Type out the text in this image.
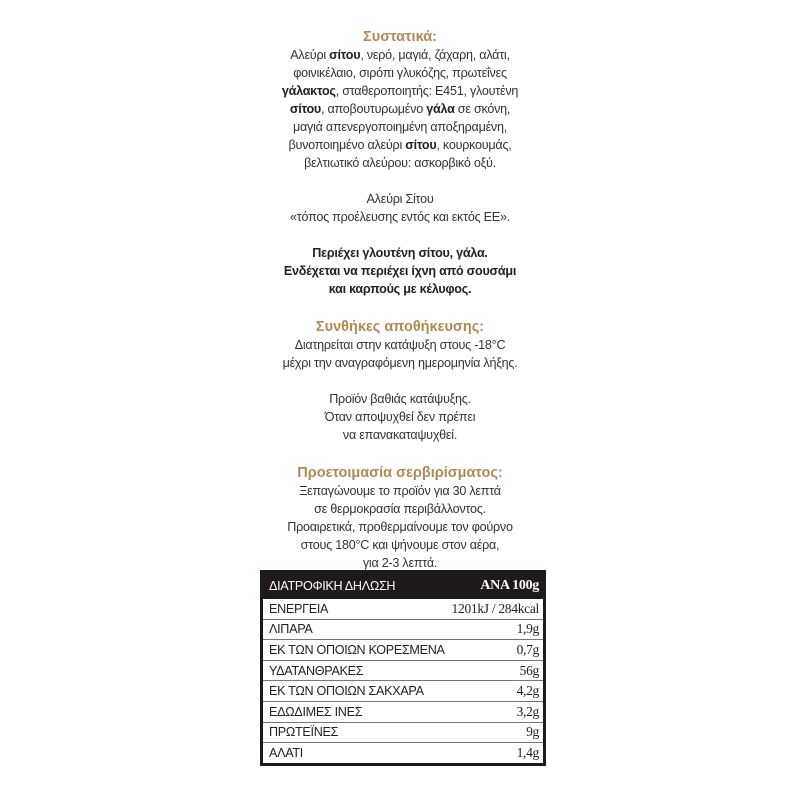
Συστατικά:

Αλεύρι σίτου, νερό, μαγιά, ζάχαρη, αλάτι,

φοινικέλαιο, σιρόπι γλυκόζης, πρωτεΐνες

γάλακτος, σταθεροποιητής: Ε451, γλουτένη

σίτου, αποβουτυρωμένο γάλα σε σκόνη,

μαγιά απενεργοποιημένη αποξηραμένη,

βυνοποιημένο αλεύρι σίτου, κουρκουμάς,

βελτιωτικό αλεύρου: ασκορβικό οξύ.

Αλεύρι Σίτου

«τόπος προέλευσης εντός και εκτός ΕΕ».

Περιέχει γλουτένη σίτου, γάλα.

Ενδέχεται να περιέχει ίχνη από σουσάμι

και καρπούς με κέλυφος.

Συνθήκες αποθήκευσης:

Διατηρείται στην κατάψυξη στους -18°C

μέχρι την αναγραφόμενη ημερομηνία λήξης.

Προϊόν βαθιάς κατάψυξης.

Όταν αποψυχθεί δεν πρέπει

να επανακαταψυχθεί.

Προετοιμασία σερβιρίσματος:

Ξεπαγώνουμε το προϊόν για 30 λεπτά

σε θερμοκρασία περιβάλλοντος.

Προαιρετικά, προθερμαίνουμε τον φούρνο

στους 180°C και ψήνουμε στον αέρα,

για 2-3 λεπτά.

ΔΙΑΤΡΟΦΙΚΗ ΔΗΛΩΣΗ	ΑΝΑ 100g
ΕΝΕΡΓΕΙΑ	1201kJ / 284kcal
ΛΙΠΑΡΑ	1,9g
ΕΚ ΤΩΝ ΟΠΟΙΩΝ ΚΟΡΕΣΜΕΝΑ	0,7g
ΥΔΑΤΑΝΘΡΑΚΕΣ	56g
ΕΚ ΤΩΝ ΟΠΟΙΩΝ ΣΑΚΧΑΡΑ	4,2g
ΕΔΩΔΙΜΕΣ ΙΝΕΣ	3,2g
ΠΡΩΤΕΪΝΕΣ	9g
ΑΛΑΤΙ	1,4g
